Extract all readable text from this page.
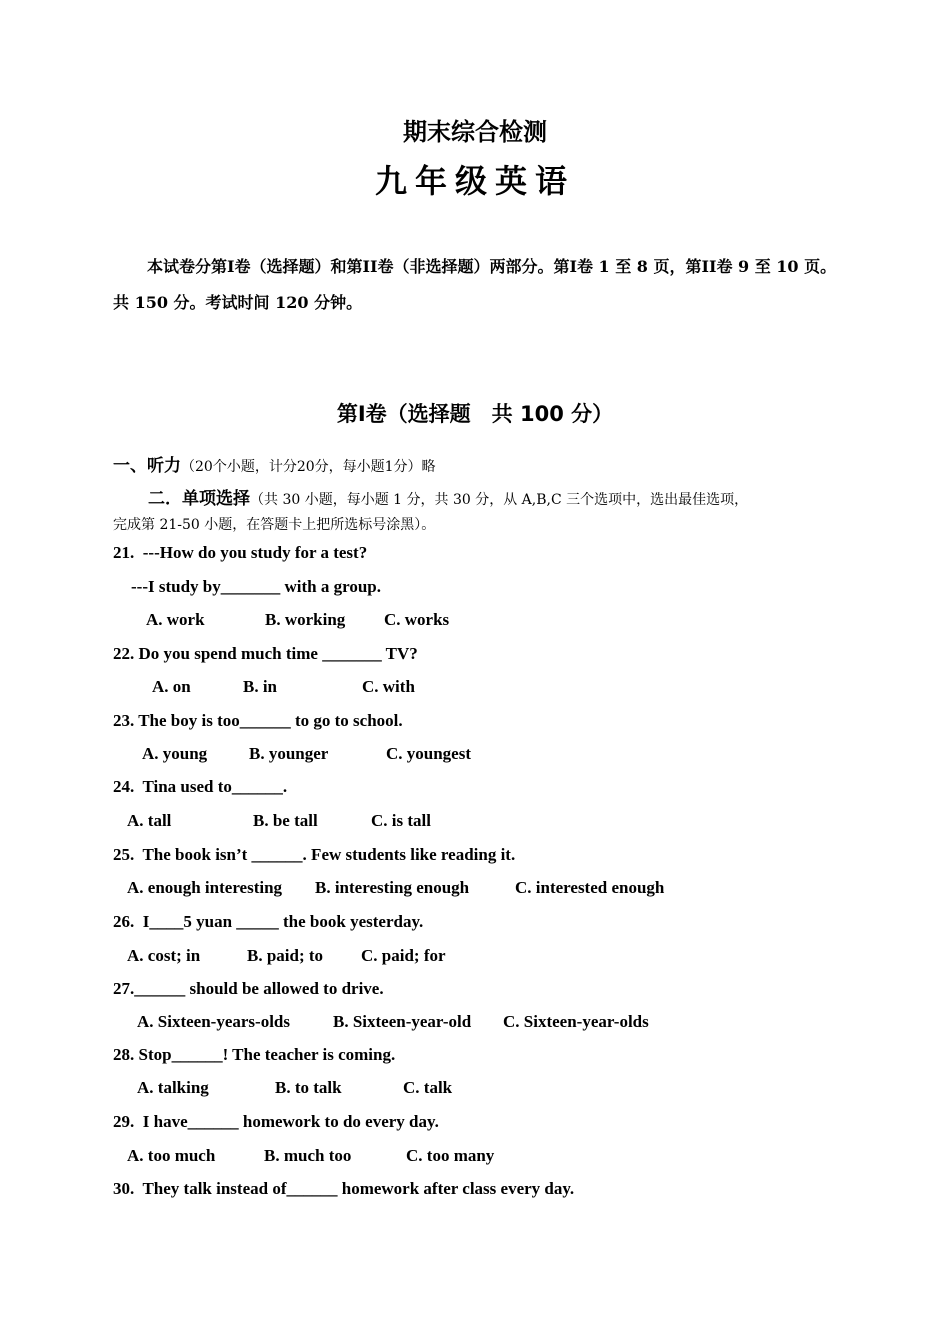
期末综合检测
九年级英语
本试卷分第I卷（选择题）和第II卷（非选择题）两部分。第I卷 1 至 8 页，第II卷 9 至 10 页。
共 150 分。考试时间 120 分钟。
第Ⅰ卷（选择题　共 100 分）
一、听力（20个小题，计分20分，每小题1分）略
二．单项选择（共 30 小题，每小题 1 分，共 30 分，从 A,B,C 三个选项中，选出最佳选项，
完成第 21-50 小题，在答题卡上把所选标号涂黑）。
21.  ---How do you study for a test?
---I study by_______ with a group.
A. work	B. working C. works
22. Do you spend much time _______ TV?
A. on	B. in	C. with
23. The boy is too______ to go to school.
A. young B. younger	C. youngest
24.  Tina used to______.
A. tall	B. be tall	C. is tall
25.  The book isn’t ______. Few students like reading it.
A. enough interesting B. interesting enough	C. interested enough
26.  I____5 yuan _____ the book yesterday.
A. cost; in	B. paid; to C. paid; for
27.______ should be allowed to drive.
A. Sixteen-years-olds	B. Sixteen-year-old C. Sixteen-year-olds
28. Stop______! The teacher is coming.
A. talking	B. to talk	C. talk
29.  I have______ homework to do every day.
A. too much	B. much too	C. too many
30.  They talk instead of______ homework after class every day.
